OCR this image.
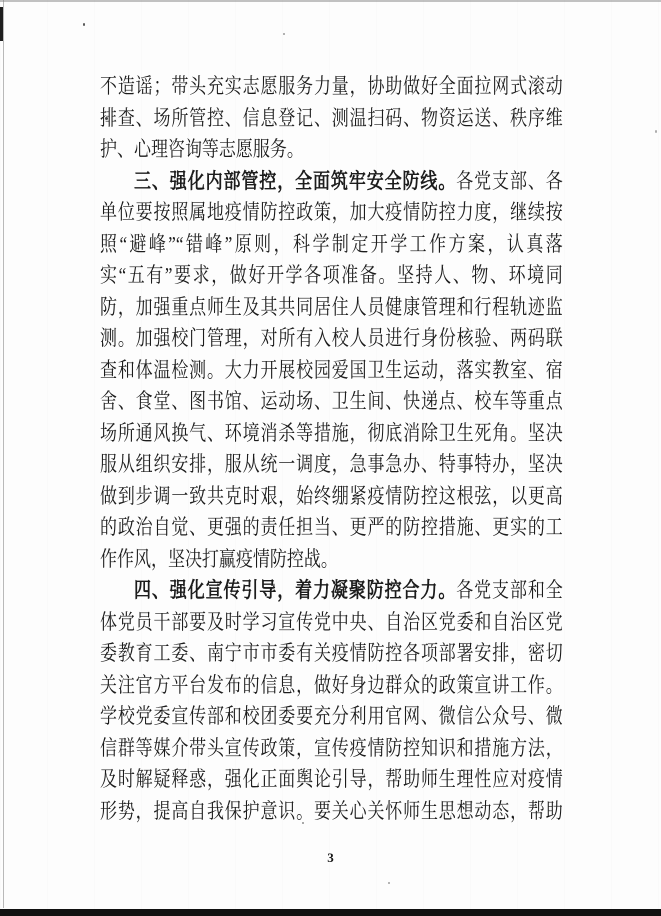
不造谣；带头充实志愿服务力量，协助做好全面拉网式滚动
排查、场所管控、信息登记、测温扫码、物资运送、秩序维
护、心理咨询等志愿服务。
三、强化内部管控，全面筑牢安全防线。各党支部、各
单位要按照属地疫情防控政策，加大疫情防控力度，继续按
照“避峰”“错峰”原则，科学制定开学工作方案，认真落
实“五有”要求，做好开学各项准备。坚持人、物、环境同
防，加强重点师生及其共同居住人员健康管理和行程轨迹监
测。加强校门管理，对所有入校人员进行身份核验、两码联
查和体温检测。大力开展校园爱国卫生运动，落实教室、宿
舍、食堂、图书馆、运动场、卫生间、快递点、校车等重点
场所通风换气、环境消杀等措施，彻底消除卫生死角。坚决
服从组织安排，服从统一调度，急事急办、特事特办，坚决
做到步调一致共克时艰，始终绷紧疫情防控这根弦，以更高
的政治自觉、更强的责任担当、更严的防控措施、更实的工
作作风，坚决打赢疫情防控战。
四、强化宣传引导，着力凝聚防控合力。各党支部和全
体党员干部要及时学习宣传党中央、自治区党委和自治区党
委教育工委、南宁市市委有关疫情防控各项部署安排，密切
关注官方平台发布的信息，做好身边群众的政策宣讲工作。
学校党委宣传部和校团委要充分利用官网、微信公众号、微
信群等媒介带头宣传政策，宣传疫情防控知识和措施方法，
及时解疑释惑，强化正面舆论引导，帮助师生理性应对疫情
形势，提高自我保护意识。要关心关怀师生思想动态，帮助
3
